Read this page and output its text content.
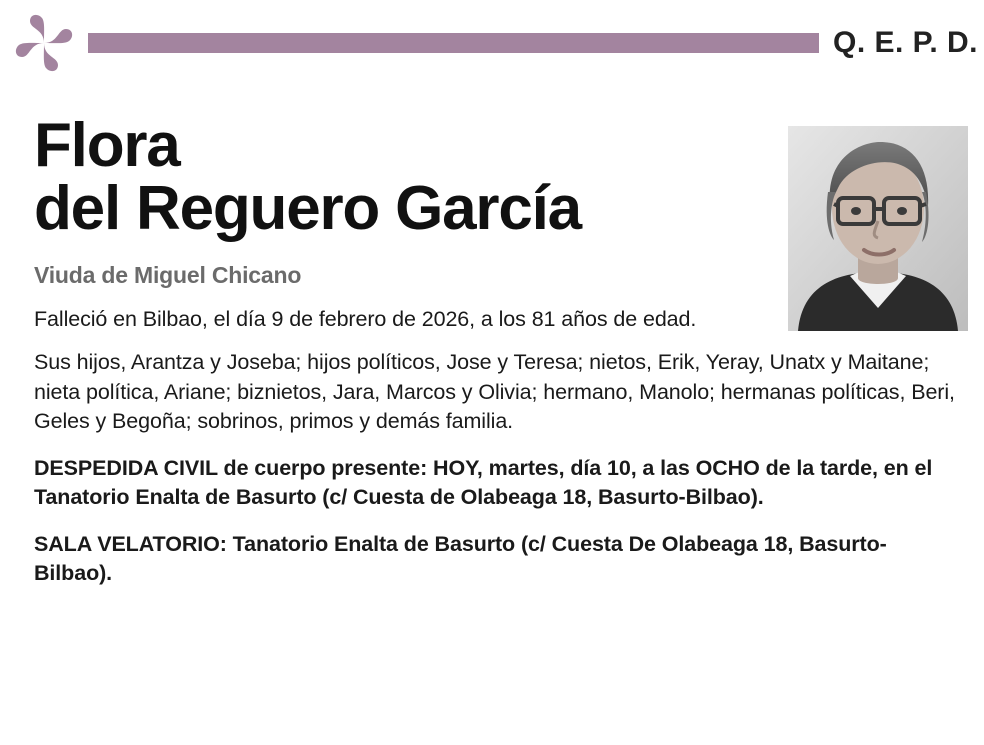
Q. E. P. D.
Flora
del Reguero García
Viuda de Miguel Chicano

Falleció en Bilbao, el día 9 de febrero de 2026, a los 81 años de edad.

Sus hijos, Arantza y Joseba; hijos políticos, Jose y Teresa; nietos, Erik, Yeray, Unatx y Maitane; nieta política, Ariane; biznietos, Jara, Marcos y Olivia; hermano, Manolo; hermanas políticas, Beri, Geles y Begoña; sobrinos, primos y demás familia.

DESPEDIDA CIVIL de cuerpo presente: HOY, martes, día 10, a las OCHO de la tarde, en el Tanatorio Enalta de Basurto (c/ Cuesta de Olabeaga 18, Basurto-Bilbao).

SALA VELATORIO: Tanatorio Enalta de Basurto (c/ Cuesta De Olabeaga 18, Basurto-Bilbao).
